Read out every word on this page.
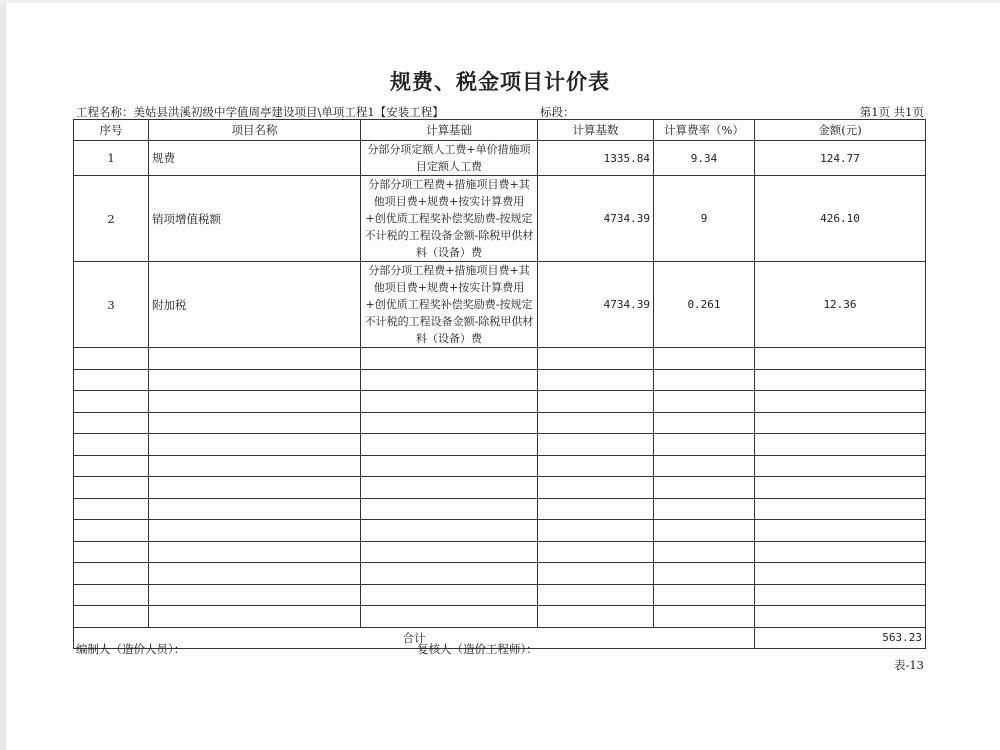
规费、税金项目计价表
工程名称：美姑县洪溪初级中学值周亭建设项目\单项工程1【安装工程】	标段：	第1页 共1页
序号	项目名称	计算基础	计算基数	计算费率（%）	金额(元)
1	规费	分部分项定额人工费+单价措施项目定额人工费	1335.84	9.34	124.77
2	销项增值税额	分部分项工程费+措施项目费+其他项目费+规费+按实计算费用+创优质工程奖补偿奖励费-按规定不计税的工程设备金额-除税甲供材料（设备）费	4734.39	9	426.10
3	附加税	分部分项工程费+措施项目费+其他项目费+规费+按实计算费用+创优质工程奖补偿奖励费-按规定不计税的工程设备金额-除税甲供材料（设备）费	4734.39	0.261	12.36

合计					563.23
编制人（造价人员）：	复核人（造价工程师）：
表-13
